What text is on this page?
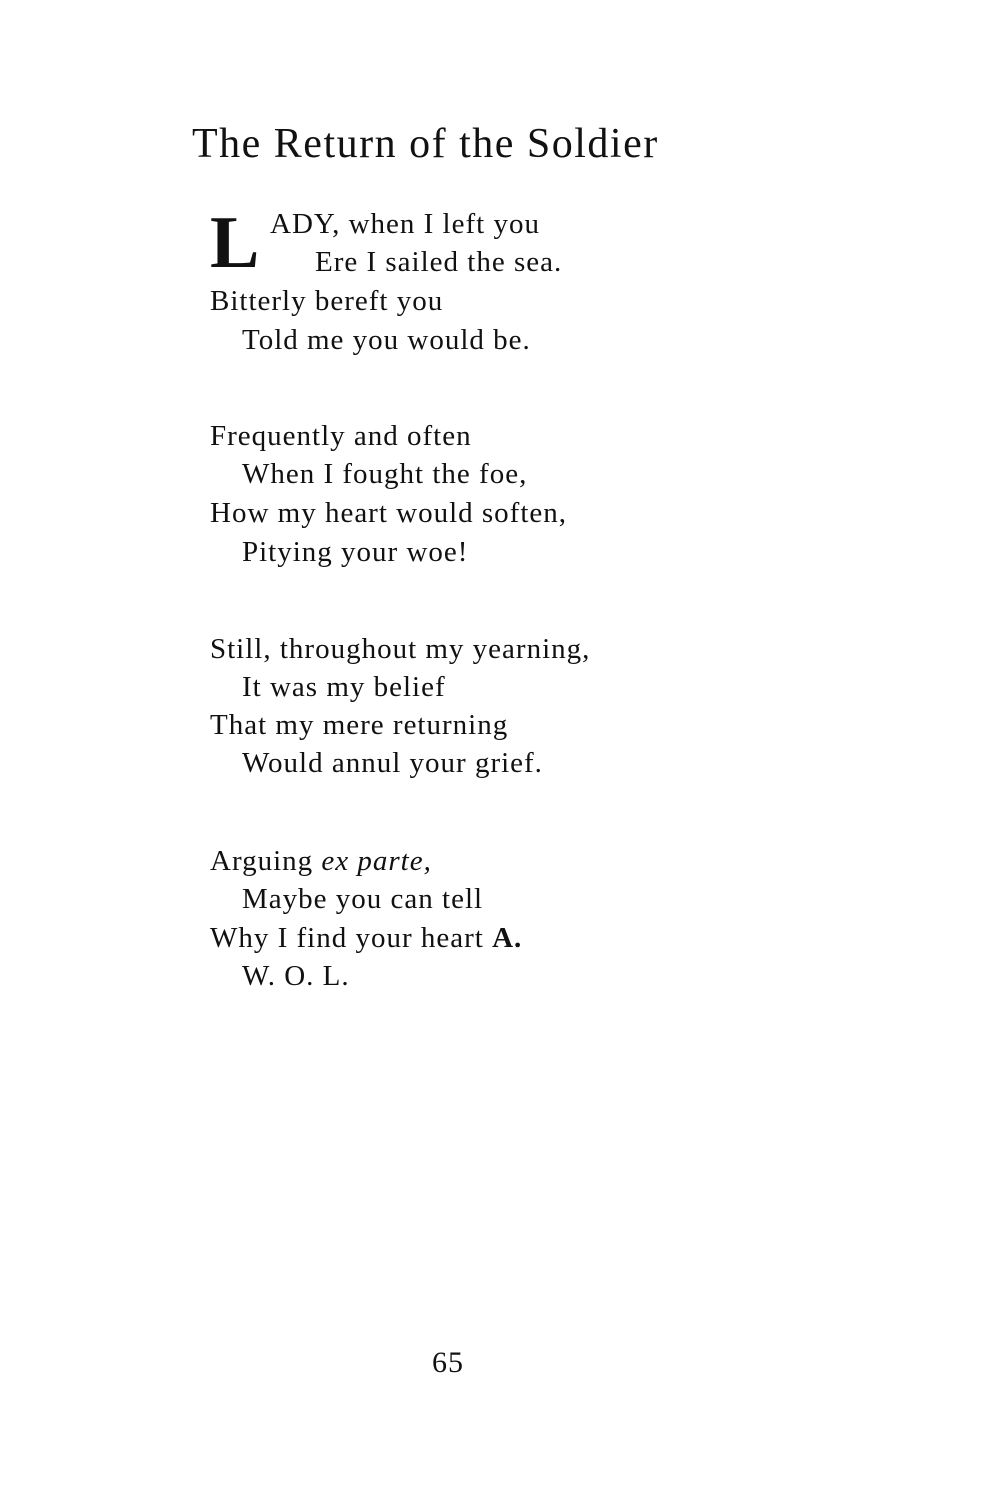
The Return of the Soldier
L ADY, when I left you
Ere I sailed the sea.
Bitterly bereft you
Told me you would be.
Frequently and often
When I fought the foe,
How my heart would soften,
Pitying your woe!
Still, throughout my yearning,
It was my belief
That my mere returning
Would annul your grief.
Arguing ex parte,
Maybe you can tell
Why I find your heart A.
W. O. L.
65
